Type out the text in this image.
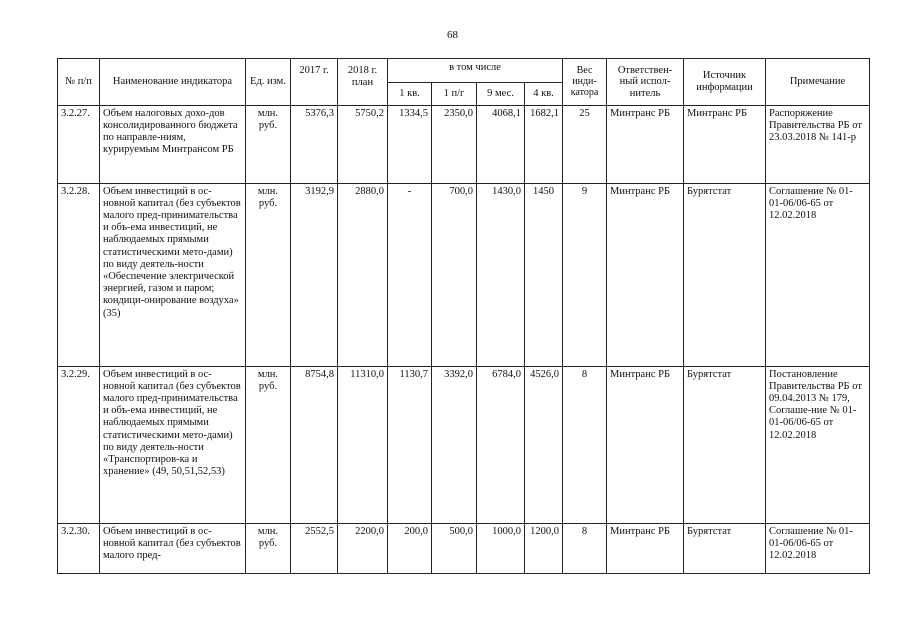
68
№ п/п	Наименование индикатора	Ед. изм.	2017 г.	2018 г. план	в том числе				Вес инди-катора	Ответствен-ный испол-нитель	Источник информации	Примечание
					1 кв.	1 п/г	9 мес.	4 кв.				
3.2.27.	Объем налоговых дохо-дов консолидированного бюджета по направле-ниям, курируемым Минтрансом РБ	млн. руб.	5376,3	5750,2	1334,5	2350,0	4068,1	1682,1	25	Минтранс РБ	Минтранс РБ	Распоряжение Правительства РБ от 23.03.2018 № 141-р
3.2.28.	Объем инвестиций в ос-новной капитал (без субъектов малого пред-принимательства и объ-ема инвестиций, не наблюдаемых прямыми статистическими мето-дами) по виду деятель-ности «Обеспечение электрической энергией, газом и паром; кондици-онирование воздуха» (35)	млн. руб.	3192,9	2880,0	-	700,0	1430,0	1450	9	Минтранс РБ	Бурятстат	Соглашение № 01-01-06/06-65 от 12.02.2018
3.2.29.	Объем инвестиций в ос-новной капитал (без субъектов малого пред-принимательства и объ-ема инвестиций, не наблюдаемых прямыми статистическими мето-дами) по виду деятель-ности «Транспортиров-ка и хранение» (49, 50,51,52,53)	млн. руб.	8754,8	11310,0	1130,7	3392,0	6784,0	4526,0	8	Минтранс РБ	Бурятстат	Постановление Правительства РБ от 09.04.2013 № 179, Соглаше-ние № 01-01-06/06-65 от 12.02.2018
3.2.30.	Объем инвестиций в ос-новной капитал (без субъектов малого пред-	млн. руб.	2552,5	2200,0	200,0	500,0	1000,0	1200,0	8	Минтранс РБ	Бурятстат	Соглашение № 01-01-06/06-65 от 12.02.2018
